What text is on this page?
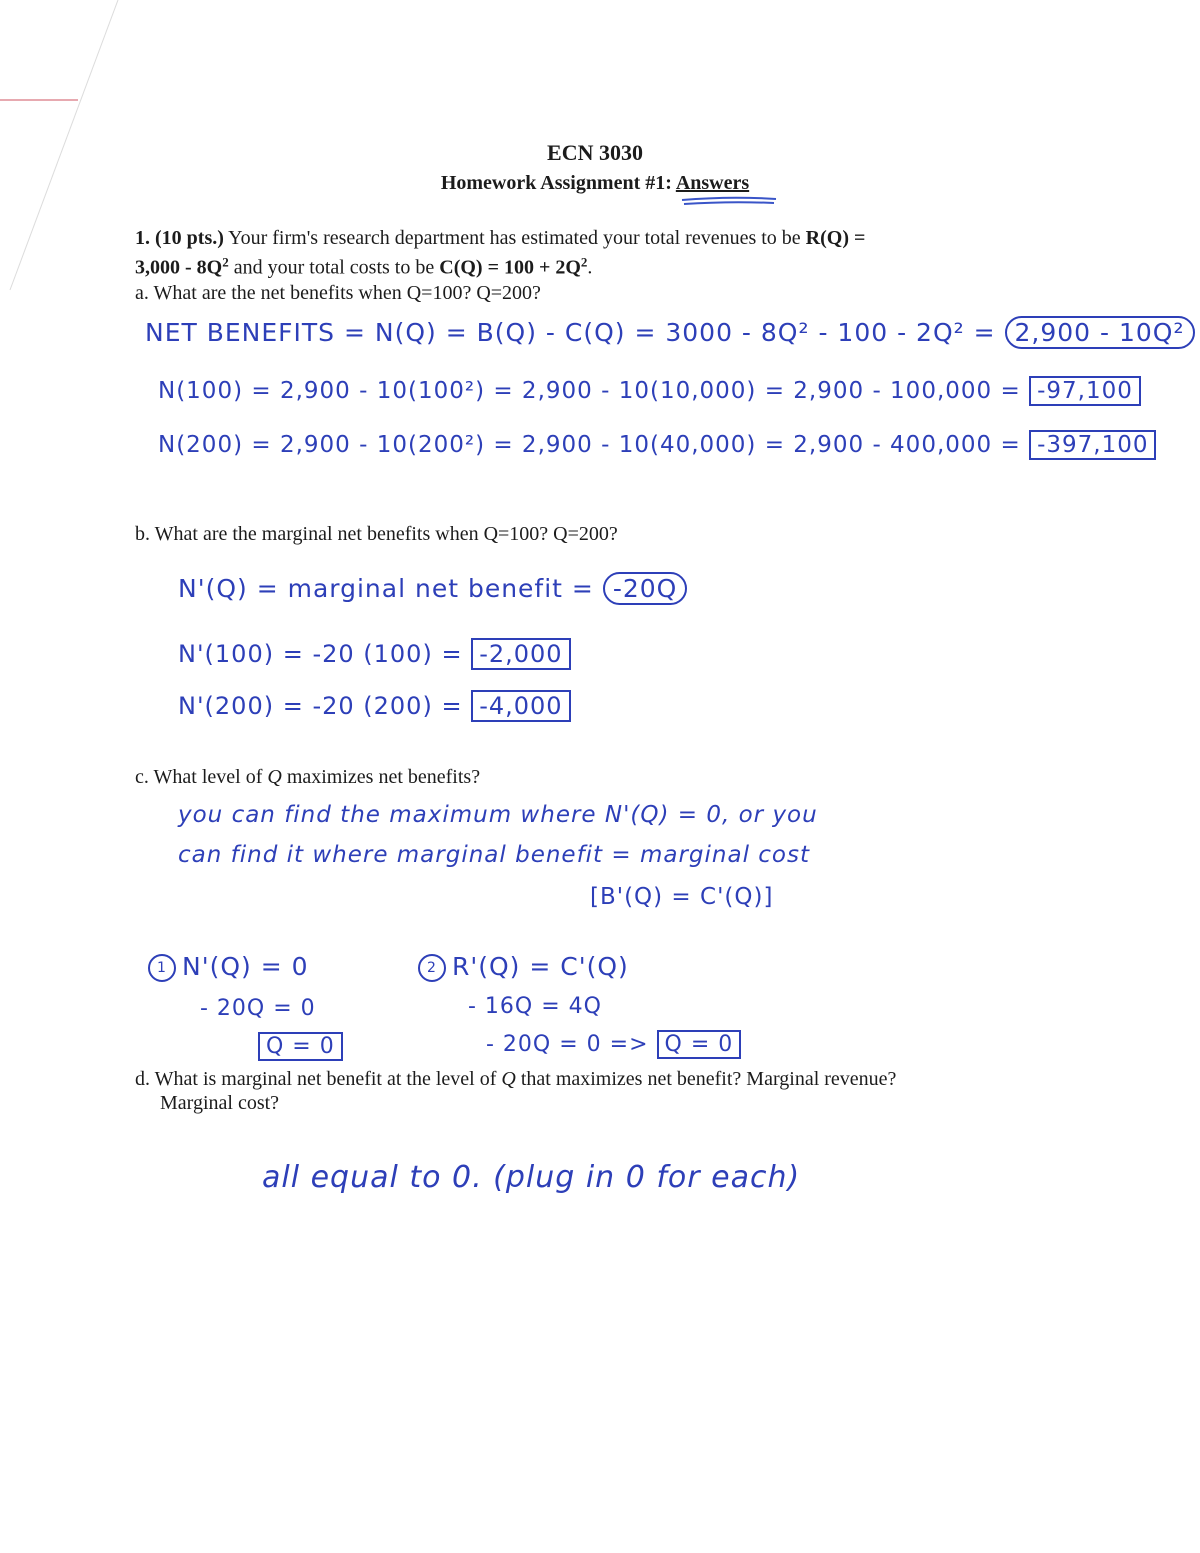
ECN 3030
Homework Assignment #1: Answers
1. (10 pts.) Your firm's research department has estimated your total revenues to be R(Q) =
$3,000 - 8Q^2$ and your total costs to be $C(Q) = 100 + 2Q^2$.
a. What are the net benefits when Q=100? Q=200?
NET BENEFITS = N(Q) = B(Q) - C(Q) = 3000 - 8Q² - 100 - 2Q² = 2,900 - 10Q²
N(100) = 2,900 - 10(100²) = 2,900 - 10(10,000) = 2,900 - 100,000 = -97,100
N(200) = 2,900 - 10(200²) = 2,900 - 10(40,000) = 2,900 - 400,000 = -397,100
b. What are the marginal net benefits when Q=100? Q=200?
N'(Q) = marginal net benefit = -20Q
N'(100) = -20 (100) = -2,000
N'(200) = -20 (200) = -4,000
c. What level of Q maximizes net benefits?
you can find the maximum where N'(Q) = 0, or you
can find it where marginal benefit = marginal cost
[B'(Q) = C'(Q)]
1 N'(Q) = 0
- 20Q = 0
Q = 0
2 R'(Q) = C'(Q)
- 16Q = 4Q
- 20Q = 0 => Q = 0
d. What is marginal net benefit at the level of Q that maximizes net benefit? Marginal revenue?
Marginal cost?
all equal to 0. (plug in 0 for each)
